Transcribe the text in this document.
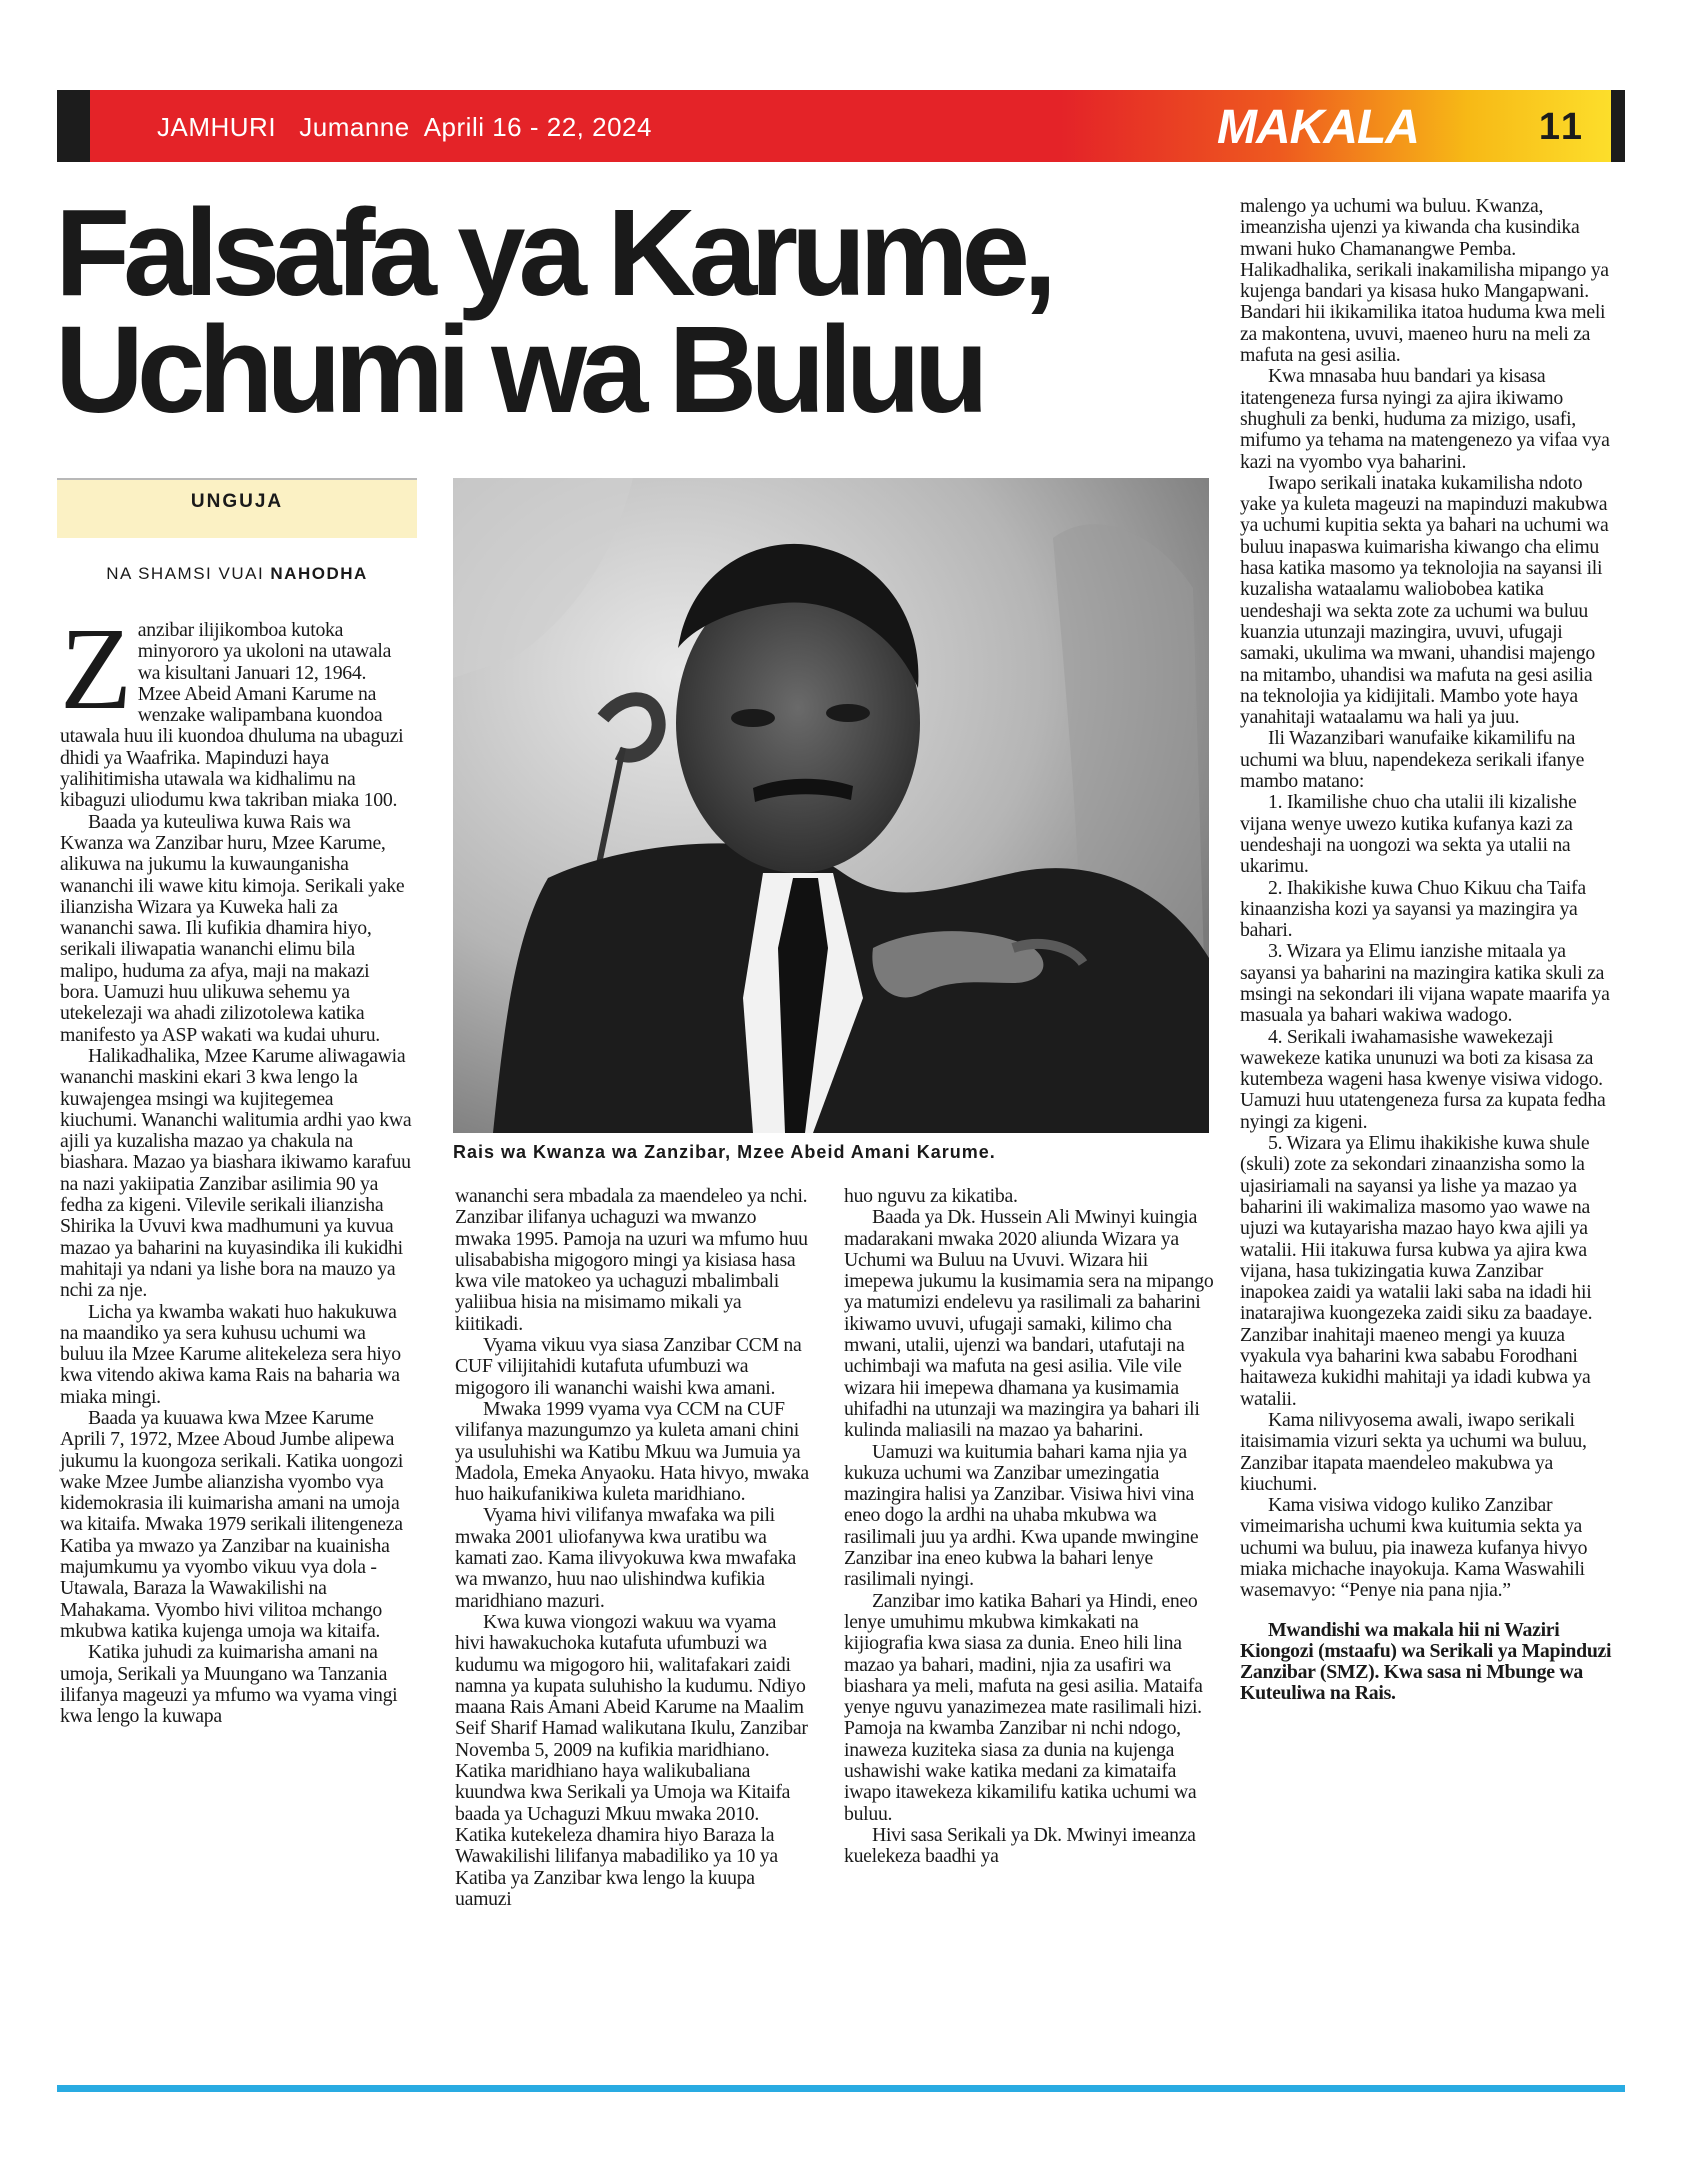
JAMHURI Jumanne  Aprili 16 - 22, 2024	MAKALA	11
Falsafa ya Karume,
Uchumi wa Buluu
UNGUJA
NA SHAMSI VUAI NAHODHA
Rais wa Kwanza wa Zanzibar, Mzee Abeid Amani Karume.
Z anzibar ilijikomboa kutoka minyororo ya ukoloni na utawala wa kisultani Januari 12, 1964. Mzee Abeid Amani Karume na wenzake walipambana kuondoa utawala huu ili kuondoa dhuluma na ubaguzi dhidi ya Waafrika. Mapinduzi haya yalihitimisha utawala wa kidhalimu na kibaguzi uliodumu kwa takriban miaka 100.

Baada ya kuteuliwa kuwa Rais wa Kwanza wa Zanzibar huru, Mzee Karume, alikuwa na jukumu la kuwaunganisha wananchi ili wawe kitu kimoja. Serikali yake ilianzisha Wizara ya Kuweka hali za wananchi sawa. Ili kufikia dhamira hiyo, serikali iliwapatia wananchi elimu bila malipo, huduma za afya, maji na makazi bora. Uamuzi huu ulikuwa sehemu ya utekelezaji wa ahadi zilizotolewa katika manifesto ya ASP wakati wa kudai uhuru.

Halikadhalika, Mzee Karume aliwagawia wananchi maskini ekari 3 kwa lengo la kuwajengea msingi wa kujitegemea kiuchumi. Wananchi walitumia ardhi yao kwa ajili ya kuzalisha mazao ya chakula na biashara. Mazao ya biashara ikiwamo karafuu na nazi yakiipatia Zanzibar asilimia 90 ya fedha za kigeni. Vilevile serikali ilianzisha Shirika la Uvuvi kwa madhumuni ya kuvua mazao ya baharini na kuyasindika ili kukidhi mahitaji ya ndani ya lishe bora na mauzo ya nchi za nje.

Licha ya kwamba wakati huo hakukuwa na maandiko ya sera kuhusu uchumi wa buluu ila Mzee Karume alitekeleza sera hiyo kwa vitendo akiwa kama Rais na baharia wa miaka mingi.

Baada ya kuuawa kwa Mzee Karume Aprili 7, 1972, Mzee Aboud Jumbe alipewa jukumu la kuongoza serikali. Katika uongozi wake Mzee Jumbe alianzisha vyombo vya kidemokrasia ili kuimarisha amani na umoja wa kitaifa. Mwaka 1979 serikali ilitengeneza Katiba ya mwazo ya Zanzibar na kuainisha majumkumu ya vyombo vikuu vya dola - Utawala, Baraza la Wawakilishi na Mahakama. Vyombo hivi vilitoa mchango mkubwa katika kujenga umoja wa kitaifa.

Katika juhudi za kuimarisha amani na umoja, Serikali ya Muungano wa Tanzania ilifanya mageuzi ya mfumo wa vyama vingi kwa lengo la kuwapa

wananchi sera mbadala za maendeleo ya nchi. Zanzibar ilifanya uchaguzi wa mwanzo mwaka 1995. Pamoja na uzuri wa mfumo huu ulisababisha migogoro mingi ya kisiasa hasa kwa vile matokeo ya uchaguzi mbalimbali yaliibua hisia na misimamo mikali ya kiitikadi.

Vyama vikuu vya siasa Zanzibar CCM na CUF vilijitahidi kutafuta ufumbuzi wa migogoro ili wananchi waishi kwa amani.

Mwaka 1999 vyama vya CCM na CUF vilifanya mazungumzo ya kuleta amani chini ya usuluhishi wa Katibu Mkuu wa Jumuia ya Madola, Emeka Anyaoku. Hata hivyo, mwaka huo haikufanikiwa kuleta maridhiano.

Vyama hivi vilifanya mwafaka wa pili mwaka 2001 uliofanywa kwa uratibu wa kamati zao. Kama ilivyokuwa kwa mwafaka wa mwanzo, huu nao ulishindwa kufikia maridhiano mazuri.

Kwa kuwa viongozi wakuu wa vyama hivi hawakuchoka kutafuta ufumbuzi wa kudumu wa migogoro hii, walitafakari zaidi namna ya kupata suluhisho la kudumu. Ndiyo maana Rais Amani Abeid Karume na Maalim Seif Sharif Hamad walikutana Ikulu, Zanzibar Novemba 5, 2009 na kufikia maridhiano. Katika maridhiano haya walikubaliana kuundwa kwa Serikali ya Umoja wa Kitaifa baada ya Uchaguzi Mkuu mwaka 2010. Katika kutekeleza dhamira hiyo Baraza la Wawakilishi lilifanya mabadiliko ya 10 ya Katiba ya Zanzibar kwa lengo la kuupa uamuzi

huo nguvu za kikatiba.

Baada ya Dk. Hussein Ali Mwinyi kuingia madarakani mwaka 2020 aliunda Wizara ya Uchumi wa Buluu na Uvuvi. Wizara hii imepewa jukumu la kusimamia sera na mipango ya matumizi endelevu ya rasilimali za baharini ikiwamo uvuvi, ufugaji samaki, kilimo cha mwani, utalii, ujenzi wa bandari, utafutaji na uchimbaji wa mafuta na gesi asilia. Vile vile wizara hii imepewa dhamana ya kusimamia uhifadhi na utunzaji wa mazingira ya bahari ili kulinda maliasili na mazao ya baharini.

Uamuzi wa kuitumia bahari kama njia ya kukuza uchumi wa Zanzibar umezingatia mazingira halisi ya Zanzibar. Visiwa hivi vina eneo dogo la ardhi na uhaba mkubwa wa rasilimali juu ya ardhi. Kwa upande mwingine Zanzibar ina eneo kubwa la bahari lenye rasilimali nyingi.

Zanzibar imo katika Bahari ya Hindi, eneo lenye umuhimu mkubwa kimkakati na kijiografia kwa siasa za dunia. Eneo hili lina mazao ya bahari, madini, njia za usafiri wa biashara ya meli, mafuta na gesi asilia. Mataifa yenye nguvu yanazimezea mate rasilimali hizi. Pamoja na kwamba Zanzibar ni nchi ndogo, inaweza kuziteka siasa za dunia na kujenga ushawishi wake katika medani za kimataifa iwapo itawekeza kikamilifu katika uchumi wa buluu.

Hivi sasa Serikali ya Dk. Mwinyi imeanza kuelekeza baadhi ya

malengo ya uchumi wa buluu. Kwanza, imeanzisha ujenzi ya kiwanda cha kusindika mwani huko Chamanangwe Pemba. Halikadhalika, serikali inakamilisha mipango ya kujenga bandari ya kisasa huko Mangapwani. Bandari hii ikikamilika itatoa huduma kwa meli za makontena, uvuvi, maeneo huru na meli za mafuta na gesi asilia.

Kwa mnasaba huu bandari ya kisasa itatengeneza fursa nyingi za ajira ikiwamo shughuli za benki, huduma za mizigo, usafi, mifumo ya tehama na matengenezo ya vifaa vya kazi na vyombo vya baharini.

Iwapo serikali inataka kukamilisha ndoto yake ya kuleta mageuzi na mapinduzi makubwa ya uchumi kupitia sekta ya bahari na uchumi wa buluu inapaswa kuimarisha kiwango cha elimu hasa katika masomo ya teknolojia na sayansi ili kuzalisha wataalamu waliobobea katika uendeshaji wa sekta zote za uchumi wa buluu kuanzia utunzaji mazingira, uvuvi, ufugaji samaki, ukulima wa mwani, uhandisi majengo na mitambo, uhandisi wa mafuta na gesi asilia na teknolojia ya kidijitali. Mambo yote haya yanahitaji wataalamu wa hali ya juu.

Ili Wazanzibari wanufaike kikamilifu na uchumi wa bluu, napendekeza serikali ifanye mambo matano:

1. Ikamilishe chuo cha utalii ili kizalishe vijana wenye uwezo kutika kufanya kazi za uendeshaji na uongozi wa sekta ya utalii na ukarimu.

2. Ihakikishe kuwa Chuo Kikuu cha Taifa kinaanzisha kozi ya sayansi ya mazingira ya bahari.

3. Wizara ya Elimu ianzishe mitaala ya sayansi ya baharini na mazingira katika skuli za

msingi na sekondari ili vijana wapate maarifa ya masuala ya bahari wakiwa wadogo.

4. Serikali iwahamasishe wawekezaji wawekeze katika ununuzi wa boti za kisasa za kutembeza wageni hasa kwenye visiwa vidogo. Uamuzi huu utatengeneza fursa za kupata fedha nyingi za kigeni.

5. Wizara ya Elimu ihakikishe kuwa shule (skuli) zote za sekondari zinaanzisha somo la ujasiriamali na sayansi ya lishe ya mazao ya baharini ili wakimaliza masomo yao wawe na ujuzi wa kutayarisha mazao hayo kwa ajili ya watalii. Hii itakuwa fursa kubwa ya ajira kwa vijana, hasa tukizingatia kuwa Zanzibar inapokea zaidi ya watalii laki saba na idadi hii inatarajiwa kuongezeka zaidi siku za baadaye. Zanzibar inahitaji maeneo mengi ya kuuza vyakula vya baharini kwa sababu Forodhani haitaweza kukidhi mahitaji ya idadi kubwa ya watalii.

Kama nilivyosema awali, iwapo serikali itaisimamia vizuri sekta ya uchumi wa buluu, Zanzibar itapata maendeleo makubwa ya kiuchumi.

Kama visiwa vidogo kuliko Zanzibar vimeimarisha uchumi kwa kuitumia sekta ya uchumi wa buluu, pia inaweza kufanya hivyo miaka michache inayokuja. Kama Waswahili wasemavyo: “Penye nia pana njia.”

Mwandishi wa makala hii ni Waziri Kiongozi (mstaafu) wa Serikali ya Mapinduzi Zanzibar (SMZ). Kwa sasa ni Mbunge wa Kuteuliwa na Rais.
